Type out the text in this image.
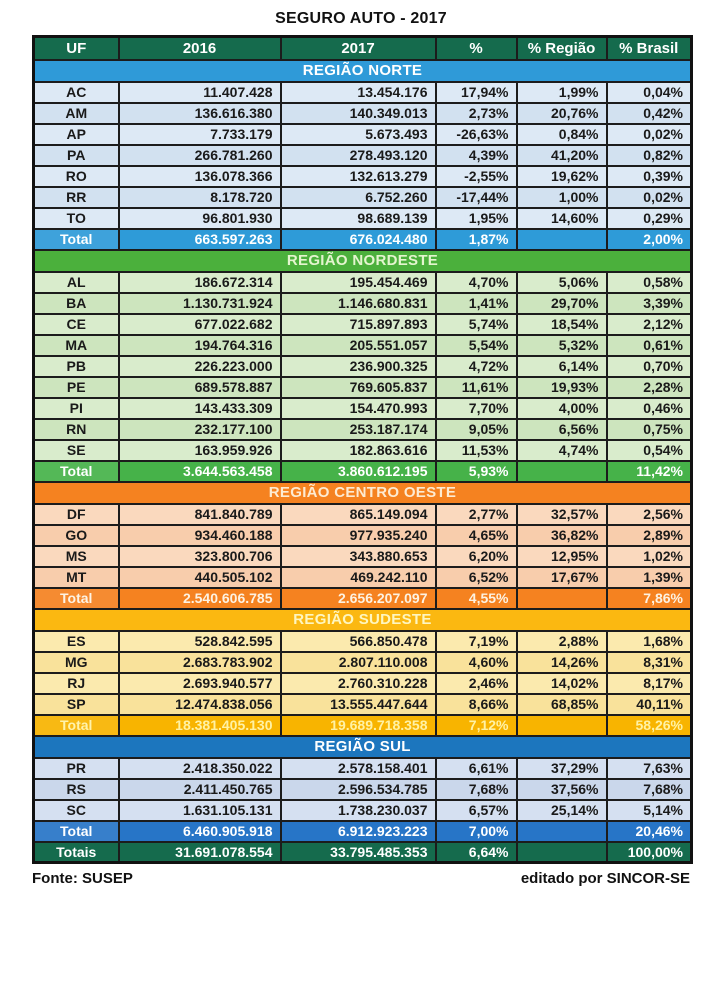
SEGURO AUTO - 2017
UF	2016	2017	%	% Região	% Brasil
REGIÃO NORTE					
AC	11.407.428	13.454.176	17,94%	1,99%	0,04%
AM	136.616.380	140.349.013	2,73%	20,76%	0,42%
AP	7.733.179	5.673.493	-26,63%	0,84%	0,02%
PA	266.781.260	278.493.120	4,39%	41,20%	0,82%
RO	136.078.366	132.613.279	-2,55%	19,62%	0,39%
RR	8.178.720	6.752.260	-17,44%	1,00%	0,02%
TO	96.801.930	98.689.139	1,95%	14,60%	0,29%
Total	663.597.263	676.024.480	1,87%		2,00%
REGIÃO NORDESTE					
AL	186.672.314	195.454.469	4,70%	5,06%	0,58%
BA	1.130.731.924	1.146.680.831	1,41%	29,70%	3,39%
CE	677.022.682	715.897.893	5,74%	18,54%	2,12%
MA	194.764.316	205.551.057	5,54%	5,32%	0,61%
PB	226.223.000	236.900.325	4,72%	6,14%	0,70%
PE	689.578.887	769.605.837	11,61%	19,93%	2,28%
PI	143.433.309	154.470.993	7,70%	4,00%	0,46%
RN	232.177.100	253.187.174	9,05%	6,56%	0,75%
SE	163.959.926	182.863.616	11,53%	4,74%	0,54%
Total	3.644.563.458	3.860.612.195	5,93%		11,42%
REGIÃO CENTRO OESTE					
DF	841.840.789	865.149.094	2,77%	32,57%	2,56%
GO	934.460.188	977.935.240	4,65%	36,82%	2,89%
MS	323.800.706	343.880.653	6,20%	12,95%	1,02%
MT	440.505.102	469.242.110	6,52%	17,67%	1,39%
Total	2.540.606.785	2.656.207.097	4,55%		7,86%
REGIÃO SUDESTE					
ES	528.842.595	566.850.478	7,19%	2,88%	1,68%
MG	2.683.783.902	2.807.110.008	4,60%	14,26%	8,31%
RJ	2.693.940.577	2.760.310.228	2,46%	14,02%	8,17%
SP	12.474.838.056	13.555.447.644	8,66%	68,85%	40,11%
Total	18.381.405.130	19.689.718.358	7,12%		58,26%
REGIÃO SUL					
PR	2.418.350.022	2.578.158.401	6,61%	37,29%	7,63%
RS	2.411.450.765	2.596.534.785	7,68%	37,56%	7,68%
SC	1.631.105.131	1.738.230.037	6,57%	25,14%	5,14%
Total	6.460.905.918	6.912.923.223	7,00%		20,46%
Totais	31.691.078.554	33.795.485.353	6,64%		100,00%
Fonte: SUSEP	editado por SINCOR-SE
